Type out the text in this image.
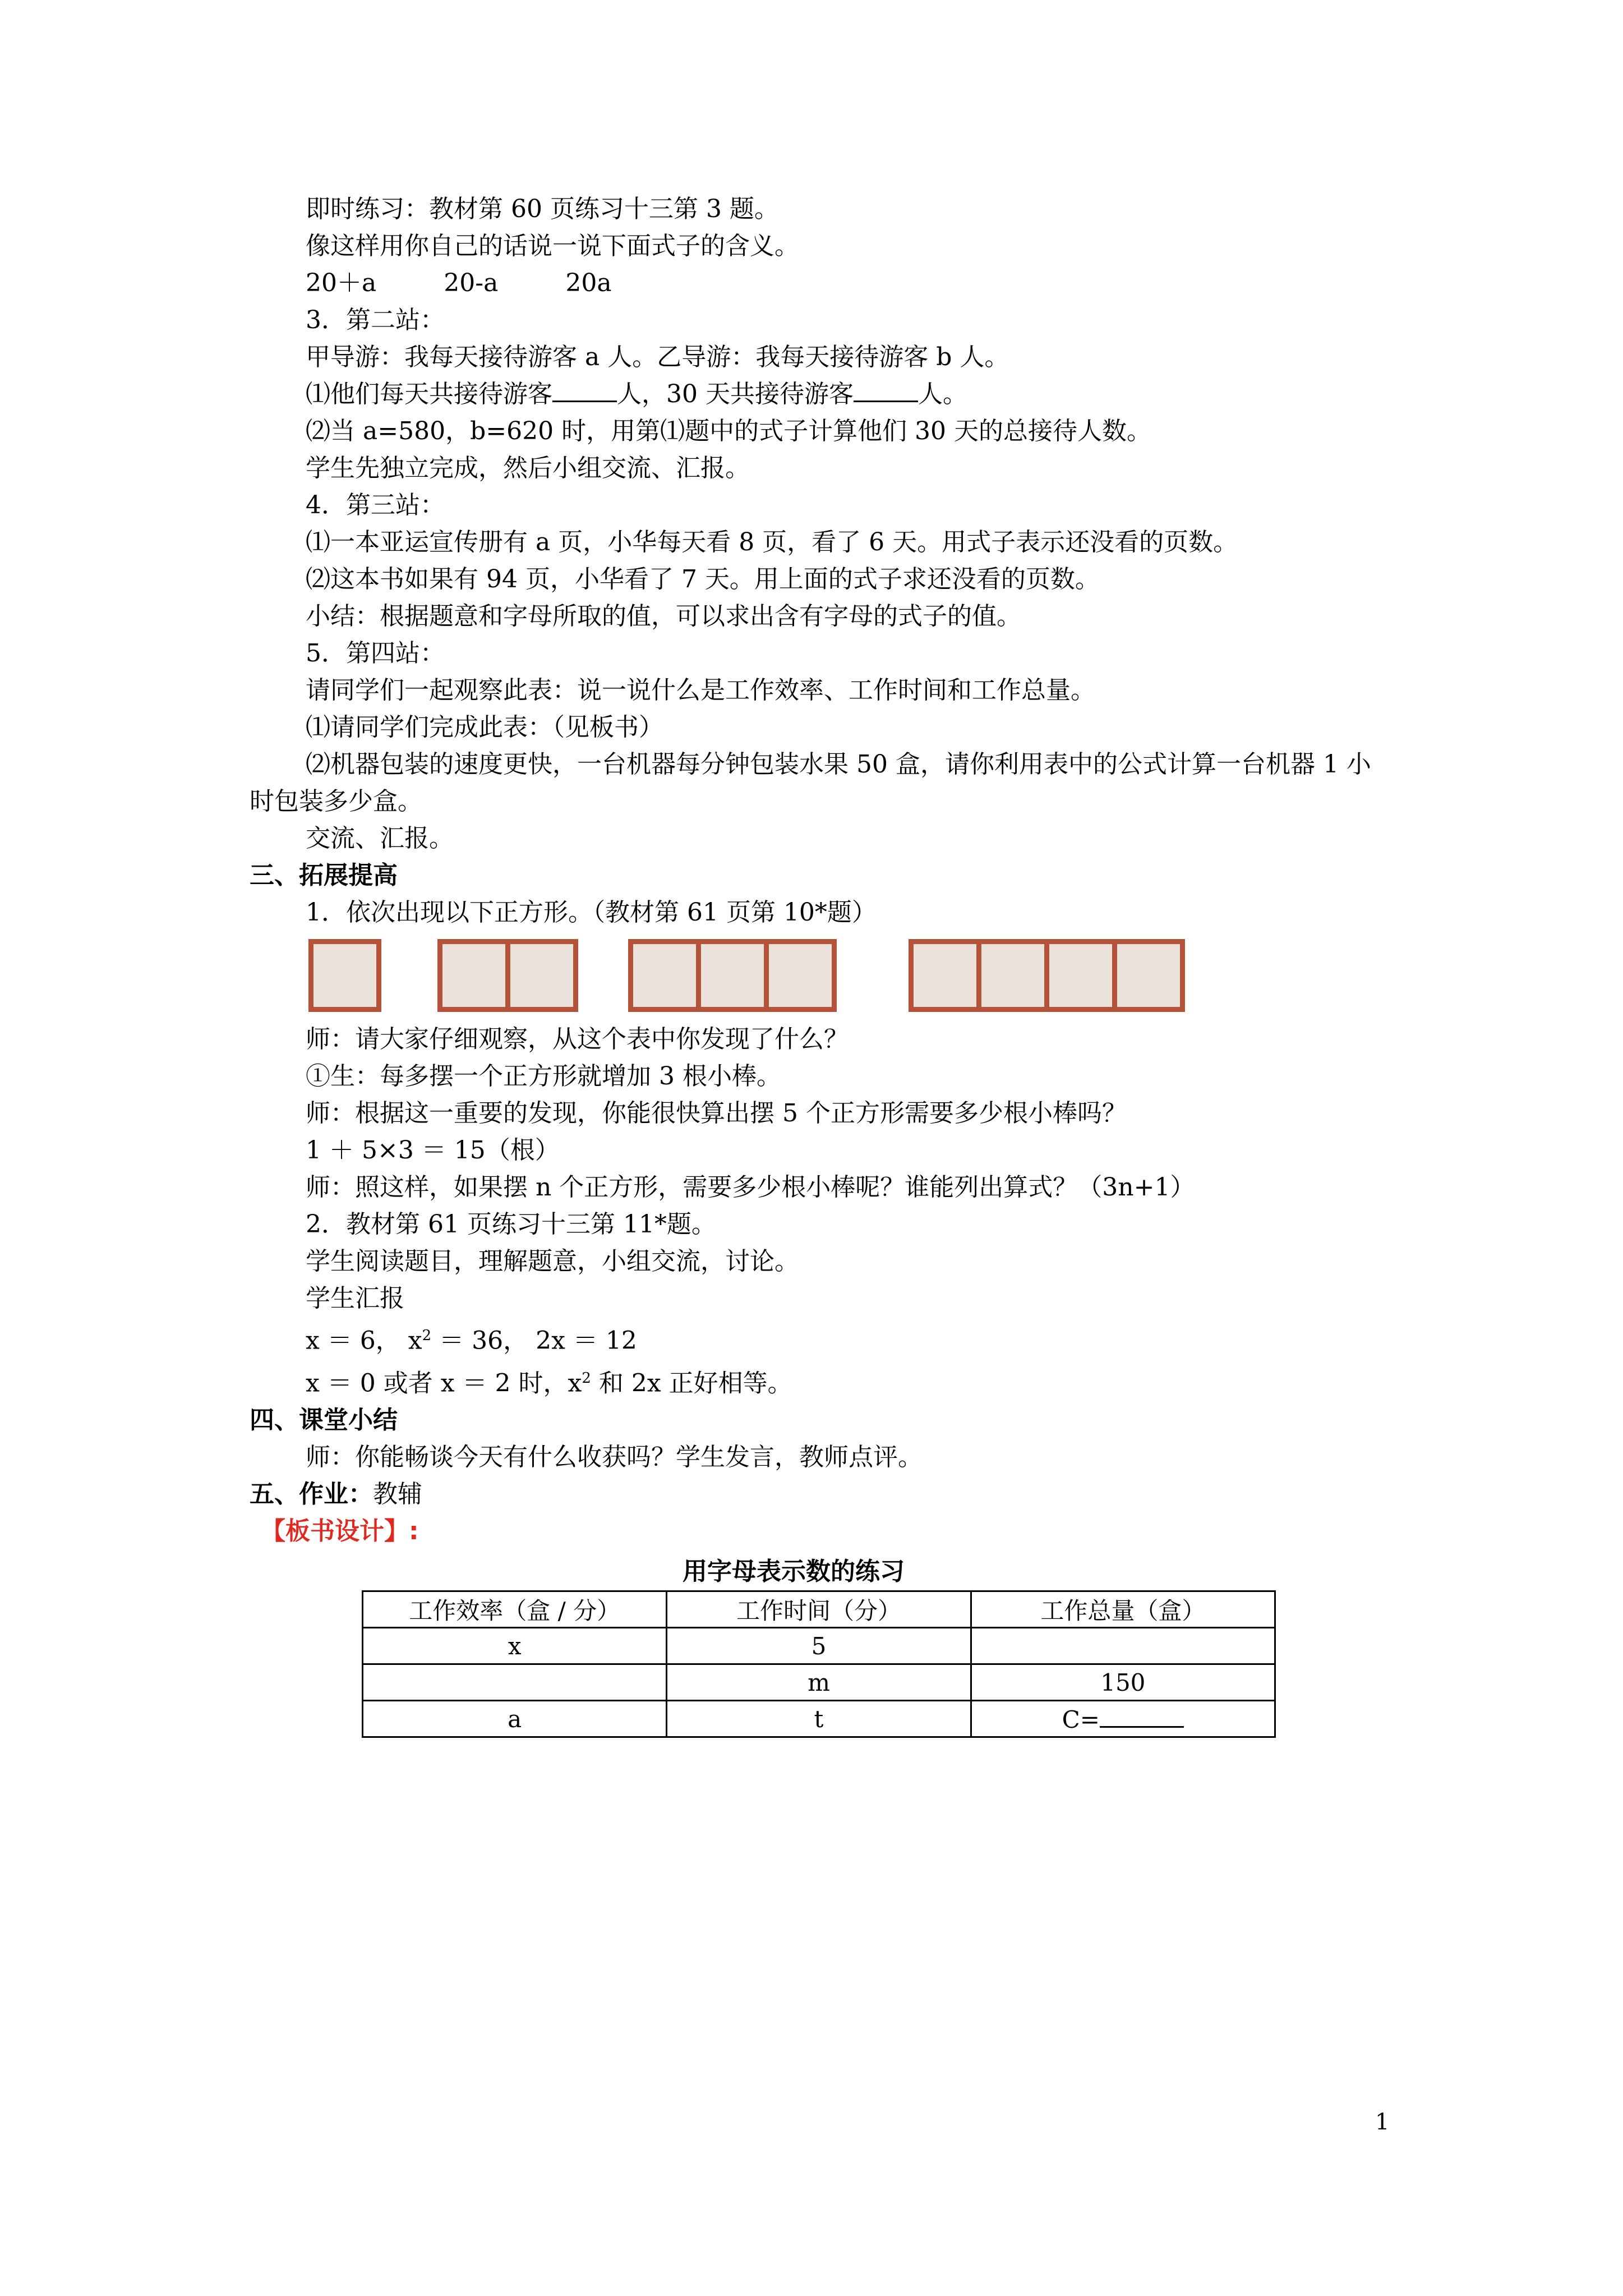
即时练习：教材第 60 页练习十三第 3 题。
像这样用你自己的话说一说下面式子的含义。
20＋a	20-a	20a
3．第二站：
甲导游：我每天接待游客 a 人。乙导游：我每天接待游客 b 人。
⑴他们每天共接待游客	人，30 天共接待游客	人。
⑵当 a=580，b=620 时，用第⑴题中的式子计算他们 30 天的总接待人数。
学生先独立完成，然后小组交流、汇报。
4．第三站：
⑴一本亚运宣传册有 a 页，小华每天看 8 页，看了 6 天。用式子表示还没看的页数。
⑵这本书如果有 94 页，小华看了 7 天。用上面的式子求还没看的页数。
小结：根据题意和字母所取的值，可以求出含有字母的式子的值。
5．第四站：
请同学们一起观察此表：说一说什么是工作效率、工作时间和工作总量。
⑴请同学们完成此表：（见板书）
⑵机器包装的速度更快，一台机器每分钟包装水果 50 盒，请你利用表中的公式计算一台机器 1 小时包装多少盒。
交流、汇报。
三、拓展提高
1．依次出现以下正方形。（教材第 61 页第 10*题）
师：请大家仔细观察，从这个表中你发现了什么？
①生：每多摆一个正方形就增加 3 根小棒。
师：根据这一重要的发现，你能很快算出摆 5 个正方形需要多少根小棒吗？
1 ＋ 5×3 ＝ 15（根）
师：照这样，如果摆 n 个正方形，需要多少根小棒呢？谁能列出算式？（3n+1）
2．教材第 61 页练习十三第 11*题。
学生阅读题目，理解题意，小组交流，讨论。
学生汇报
x ＝ 6， $x^2 = 36$， 2x ＝ 12
x ＝ 0 或者 x ＝ 2 时，$x^2$ 和 2x 正好相等。
四、课堂小结
师：你能畅谈今天有什么收获吗？学生发言，教师点评。
五、作业：教辅
【板书设计】:
用字母表示数的练习
工作效率（盒 / 分）	工作时间（分）	工作总量（盒）
x	5	
	m	150
a	t	C=
1
